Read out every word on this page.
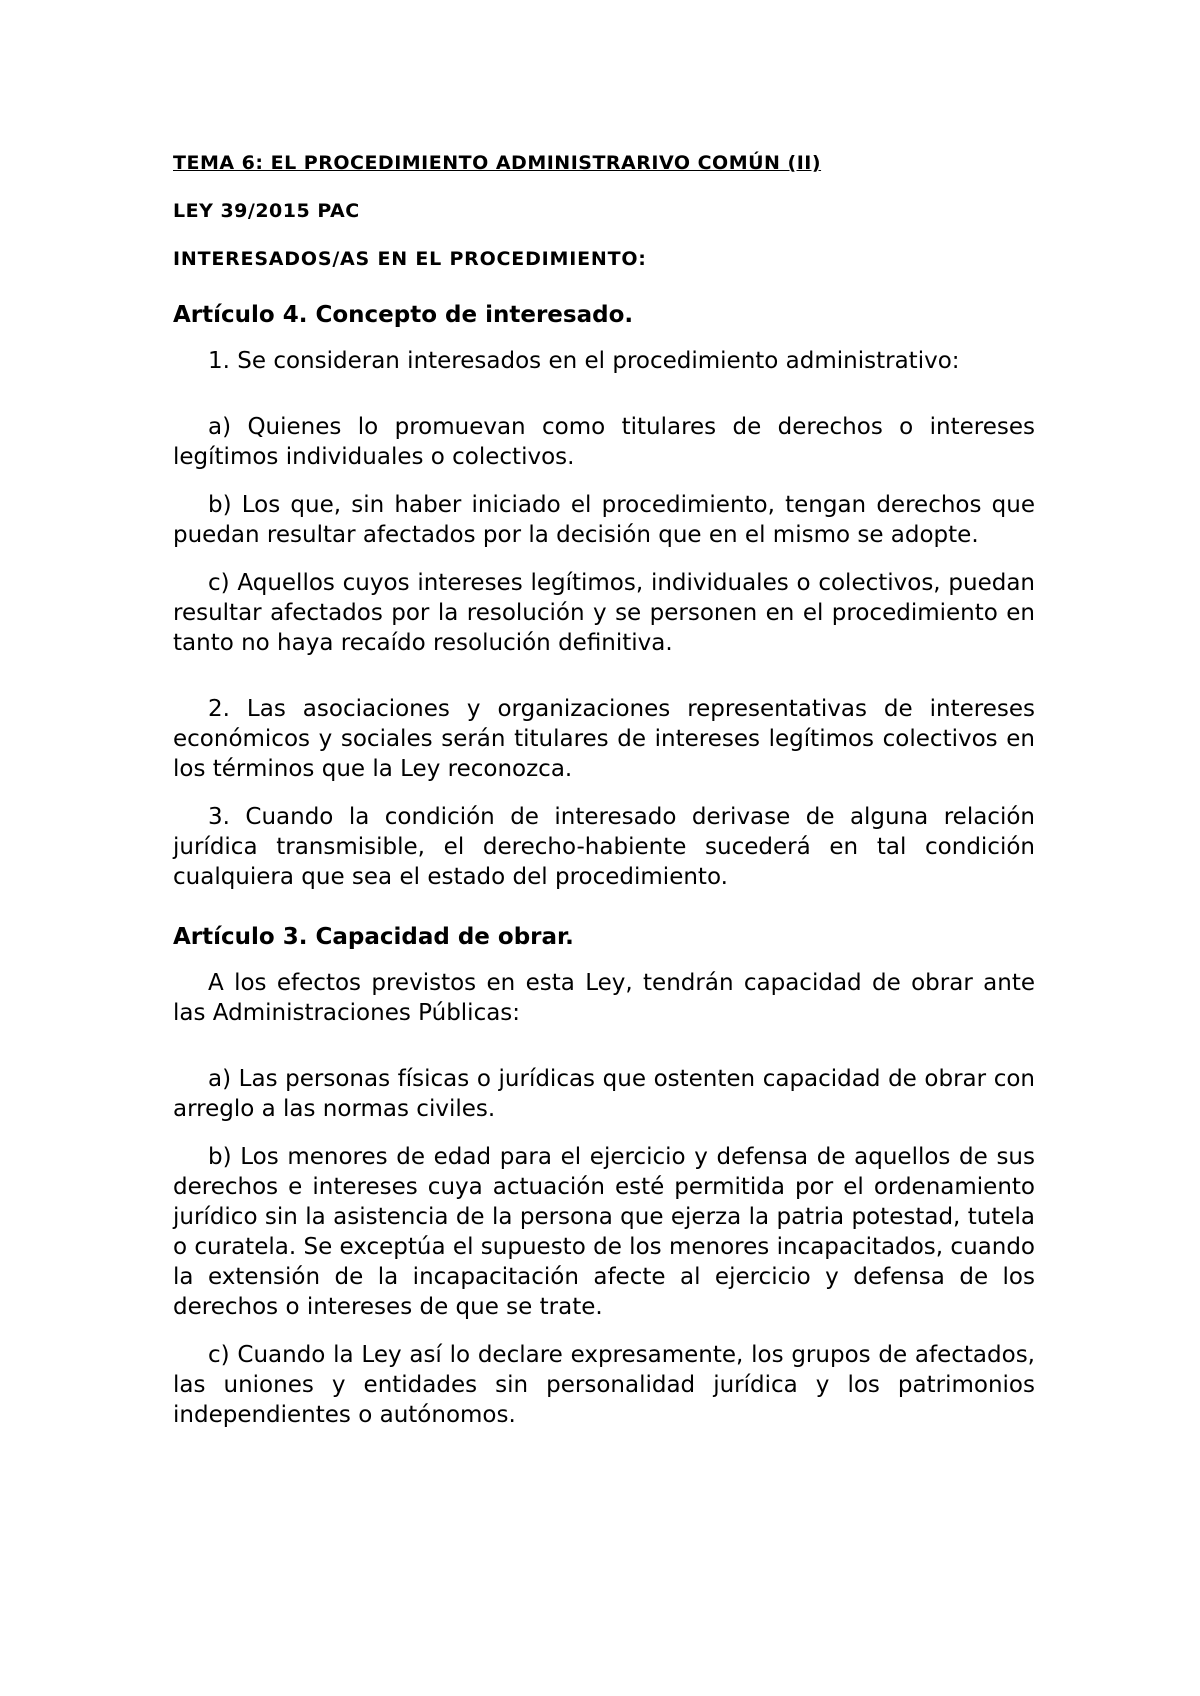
TEMA 6: EL PROCEDIMIENTO ADMINISTRARIVO COMÚN (II)
LEY 39/2015 PAC
INTERESADOS/AS EN EL PROCEDIMIENTO:
Artículo 4. Concepto de interesado.

1. Se consideran interesados en el procedimiento administrativo:

a) Quienes lo promuevan como titulares de derechos o intereses legítimos individuales o colectivos.

b) Los que, sin haber iniciado el procedimiento, tengan derechos que puedan resultar afectados por la decisión que en el mismo se adopte.

c) Aquellos cuyos intereses legítimos, individuales o colectivos, puedan resultar afectados por la resolución y se personen en el procedimiento en tanto no haya recaído resolución definitiva.

2. Las asociaciones y organizaciones representativas de intereses económicos y sociales serán titulares de intereses legítimos colectivos en los términos que la Ley reconozca.

3. Cuando la condición de interesado derivase de alguna relación jurídica transmisible, el derecho-habiente sucederá en tal condición cualquiera que sea el estado del procedimiento.

Artículo 3. Capacidad de obrar.

A los efectos previstos en esta Ley, tendrán capacidad de obrar ante las Administraciones Públicas:

a) Las personas físicas o jurídicas que ostenten capacidad de obrar con arreglo a las normas civiles.

b) Los menores de edad para el ejercicio y defensa de aquellos de sus derechos e intereses cuya actuación esté permitida por el ordenamiento jurídico sin la asistencia de la persona que ejerza la patria potestad, tutela o curatela. Se exceptúa el supuesto de los menores incapacitados, cuando la extensión de la incapacitación afecte al ejercicio y defensa de los derechos o intereses de que se trate.

c) Cuando la Ley así lo declare expresamente, los grupos de afectados, las uniones y entidades sin personalidad jurídica y los patrimonios independientes o autónomos.
